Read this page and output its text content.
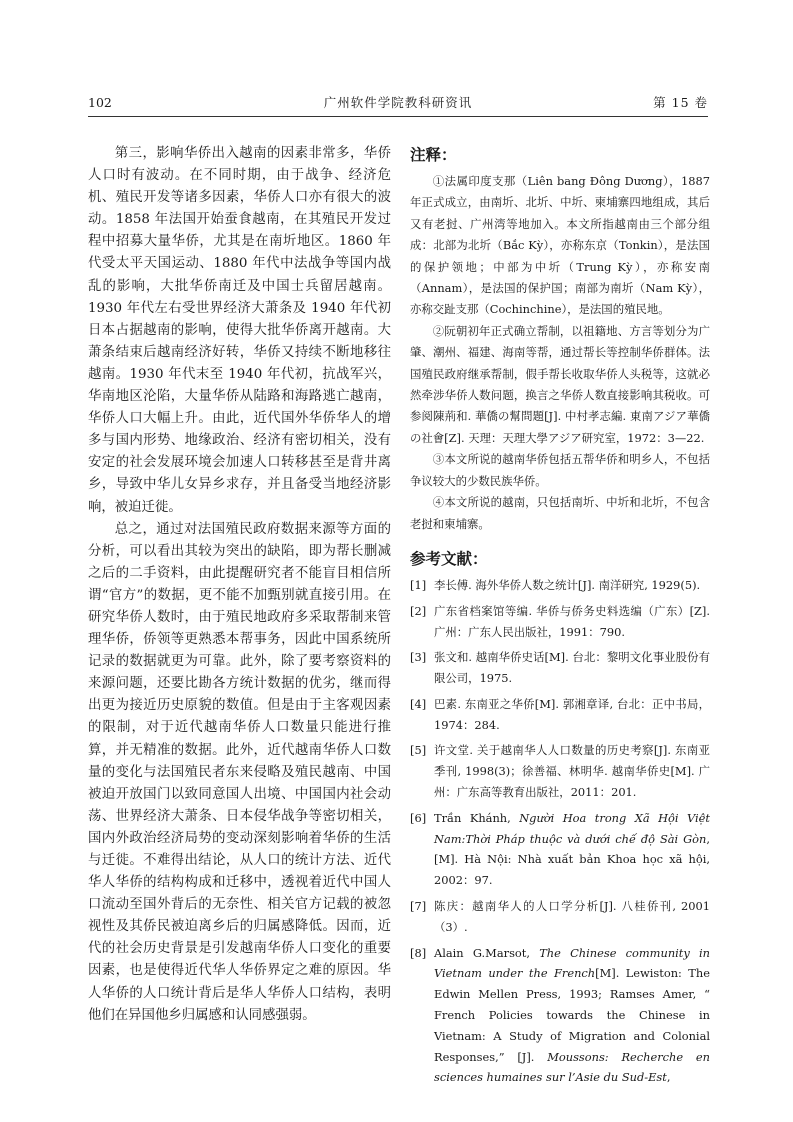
102	广州软件学院教科研资讯	第 15 卷

第三，影响华侨出入越南的因素非常多，华侨人口时有波动。在不同时期，由于战争、经济危机、殖民开发等诸多因素，华侨人口亦有很大的波动。1858 年法国开始蚕食越南，在其殖民开发过程中招募大量华侨，尤其是在南圻地区。1860 年代受太平天国运动、1880 年代中法战争等国内战乱的影响，大批华侨南迁及中国士兵留居越南。1930 年代左右受世界经济大萧条及 1940 年代初日本占据越南的影响，使得大批华侨离开越南。大萧条结束后越南经济好转，华侨又持续不断地移往越南。1930 年代末至 1940 年代初，抗战军兴，华南地区沦陷，大量华侨从陆路和海路逃亡越南，华侨人口大幅上升。由此，近代国外华侨华人的增多与国内形势、地缘政治、经济有密切相关，没有安定的社会发展环境会加速人口转移甚至是背井离乡，导致中华儿女异乡求存，并且备受当地经济影响，被迫迁徙。

总之，通过对法国殖民政府数据来源等方面的分析，可以看出其较为突出的缺陷，即为帮长删减之后的二手资料，由此提醒研究者不能盲目相信所谓“官方”的数据，更不能不加甄别就直接引用。在研究华侨人数时，由于殖民地政府多采取帮制来管理华侨，侨领等更熟悉本帮事务，因此中国系统所记录的数据就更为可靠。此外，除了要考察资料的来源问题，还要比勘各方统计数据的优劣，继而得出更为接近历史原貌的数值。但是由于主客观因素的限制，对于近代越南华侨人口数量只能进行推算，并无精准的数据。此外，近代越南华侨人口数量的变化与法国殖民者东来侵略及殖民越南、中国被迫开放国门以致同意国人出境、中国国内社会动荡、世界经济大萧条、日本侵华战争等密切相关，国内外政治经济局势的变动深刻影响着华侨的生活与迁徙。不难得出结论，从人口的统计方法、近代华人华侨的结构构成和迁移中，透视着近代中国人口流动至国外背后的无奈性、相关官方记载的被忽视性及其侨民被迫离乡后的归属感降低。因而，近代的社会历史背景是引发越南华侨人口变化的重要因素，也是使得近代华人华侨界定之难的原因。华人华侨的人口统计背后是华人华侨人口结构，表明他们在异国他乡归属感和认同感强弱。

注释：

①法属印度支那（Liên bang Đông Dương），1887 年正式成立，由南圻、北圻、中圻、柬埔寨四地组成，其后又有老挝、广州湾等地加入。本文所指越南由三个部分组成：北部为北圻（Bắc Kỳ），亦称东京（Tonkin），是法国的保护领地；中部为中圻（Trung Kỳ），亦称安南（Annam），是法国的保护国；南部为南圻（Nam Kỳ），亦称交趾支那（Cochinchine），是法国的殖民地。

②阮朝初年正式确立帮制，以祖籍地、方言等划分为广肇、潮州、福建、海南等帮，通过帮长等控制华侨群体。法国殖民政府继承帮制，假手帮长收取华侨人头税等，这就必然牵涉华侨人数问题，换言之华侨人数直接影响其税收。可参阅陳荊和. 華僑の幫問題[J]. 中村孝志編. 東南アジア華僑の社會[Z]. 天理：天理大學アジア研究室，1972：3—22.

③本文所说的越南华侨包括五帮华侨和明乡人，不包括争议较大的少数民族华侨。

④本文所说的越南，只包括南圻、中圻和北圻，不包含老挝和柬埔寨。

参考文献：
[1] 李长傅. 海外华侨人数之统计[J]. 南洋研究, 1929(5).
[2] 广东省档案馆等编. 华侨与侨务史料选编（广东）[Z]. 广州：广东人民出版社，1991：790.
[3] 张文和. 越南华侨史话[M]. 台北：黎明文化事业股份有限公司，1975.
[4] 巴素. 东南亚之华侨[M]. 郭湘章译, 台北：正中书局，1974：284.
[5] 许文堂. 关于越南华人人口数量的历史考察[J]. 东南亚季刊, 1998(3)；徐善福、林明华. 越南华侨史[M]. 广州：广东高等教育出版社，2011：201.
[6] Trần Khánh, Người Hoa trong Xã Hội Việt Nam:Thời Pháp thuộc và dưới chế độ Sài Gòn, [M]. Hà Nội: Nhà xuất bản Khoa học xã hội, 2002：97.
[7] 陈庆：越南华人的人口学分析[J]. 八桂侨刊, 2001（3）.
[8] Alain G.Marsot, The Chinese community in Vietnam under the French[M]. Lewiston: The Edwin Mellen Press, 1993; Ramses Amer, “ French Policies towards the Chinese in Vietnam: A Study of Migration and Colonial Responses,” [J]. Moussons: Recherche en sciences humaines sur l’Asie du Sud-Est,
